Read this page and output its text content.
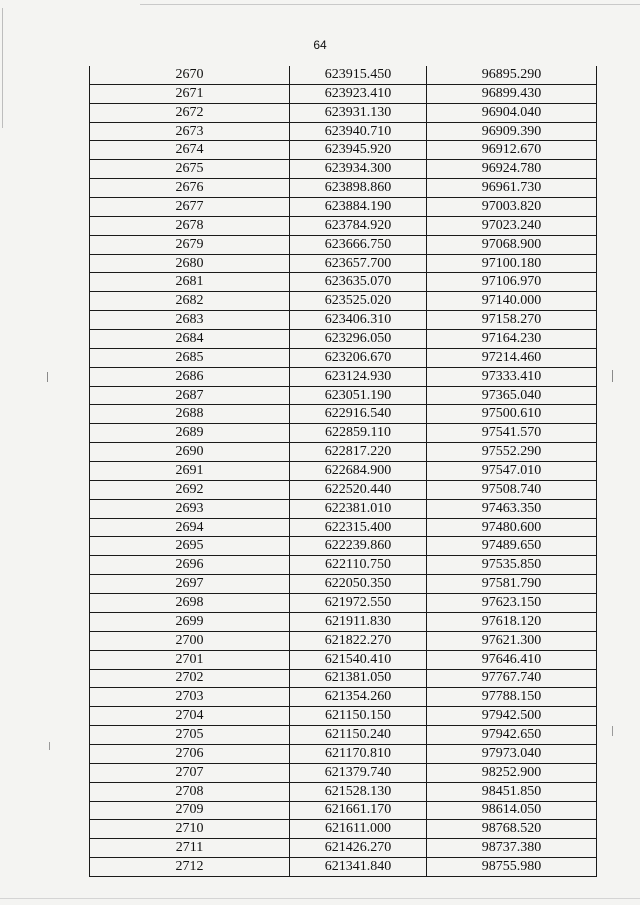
64
2670	623915.450	96895.290
2671	623923.410	96899.430
2672	623931.130	96904.040
2673	623940.710	96909.390
2674	623945.920	96912.670
2675	623934.300	96924.780
2676	623898.860	96961.730
2677	623884.190	97003.820
2678	623784.920	97023.240
2679	623666.750	97068.900
2680	623657.700	97100.180
2681	623635.070	97106.970
2682	623525.020	97140.000
2683	623406.310	97158.270
2684	623296.050	97164.230
2685	623206.670	97214.460
2686	623124.930	97333.410
2687	623051.190	97365.040
2688	622916.540	97500.610
2689	622859.110	97541.570
2690	622817.220	97552.290
2691	622684.900	97547.010
2692	622520.440	97508.740
2693	622381.010	97463.350
2694	622315.400	97480.600
2695	622239.860	97489.650
2696	622110.750	97535.850
2697	622050.350	97581.790
2698	621972.550	97623.150
2699	621911.830	97618.120
2700	621822.270	97621.300
2701	621540.410	97646.410
2702	621381.050	97767.740
2703	621354.260	97788.150
2704	621150.150	97942.500
2705	621150.240	97942.650
2706	621170.810	97973.040
2707	621379.740	98252.900
2708	621528.130	98451.850
2709	621661.170	98614.050
2710	621611.000	98768.520
2711	621426.270	98737.380
2712	621341.840	98755.980
